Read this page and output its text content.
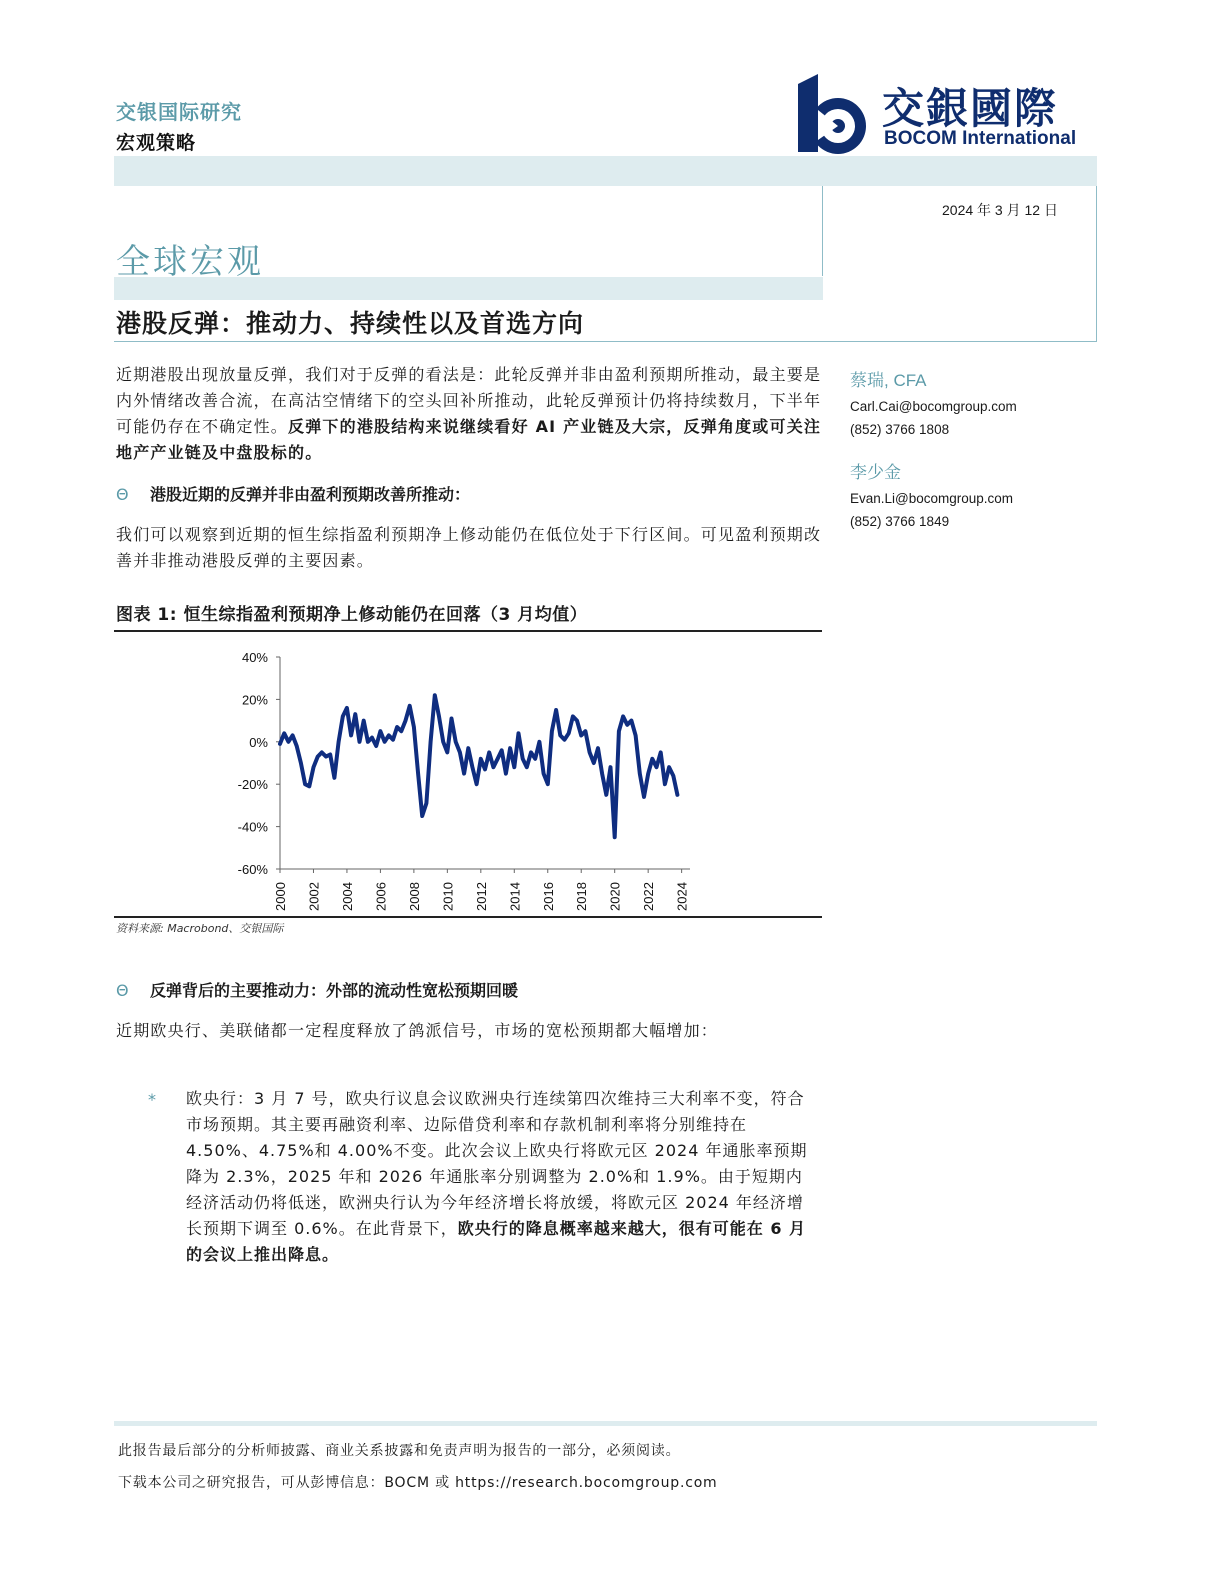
交银国际研究
宏观策略
交銀國際
BOCOM International
2024 年 3 月 12 日
全球宏观
港股反弹：推动力、持续性以及首选方向
近期港股出现放量反弹，我们对于反弹的看法是：此轮反弹并非由盈利预期所推动，最主要是内外情绪改善合流，在高沽空情绪下的空头回补所推动，此轮反弹预计仍将持续数月，下半年可能仍存在不确定性。反弹下的港股结构来说继续看好 AI 产业链及大宗，反弹角度或可关注地产产业链及中盘股标的。
Θ 港股近期的反弹并非由盈利预期改善所推动：
我们可以观察到近期的恒生综指盈利预期净上修动能仍在低位处于下行区间。可见盈利预期改善并非推动港股反弹的主要因素。
图表 1: 恒生综指盈利预期净上修动能仍在回落（3 月均值）
40%
20%
0%
-20%
-40%
-60%
2000 2002 2004 2006 2008 2010 2012 2014 2016 2018 2020 2022 2024
资料来源: Macrobond、交银国际
Θ 反弹背后的主要推动力：外部的流动性宽松预期回暖
近期欧央行、美联储都一定程度释放了鸽派信号，市场的宽松预期都大幅增加：
* 欧央行：3 月 7 号，欧央行议息会议欧洲央行连续第四次维持三大利率不变，符合市场预期。其主要再融资利率、边际借贷利率和存款机制利率将分别维持在 4.50%、4.75%和 4.00%不变。此次会议上欧央行将欧元区 2024 年通胀率预期降为 2.3%，2025 年和 2026 年通胀率分别调整为 2.0%和 1.9%。由于短期内经济活动仍将低迷，欧洲央行认为今年经济增长将放缓，将欧元区 2024 年经济增长预期下调至 0.6%。在此背景下，欧央行的降息概率越来越大，很有可能在 6 月的会议上推出降息。
蔡瑞, CFA
Carl.Cai@bocomgroup.com
(852) 3766 1808
李少金
Evan.Li@bocomgroup.com
(852) 3766 1849
此报告最后部分的分析师披露、商业关系披露和免责声明为报告的一部分，必须阅读。
下载本公司之研究报告，可从彭博信息：BOCM 或 https://research.bocomgroup.com
